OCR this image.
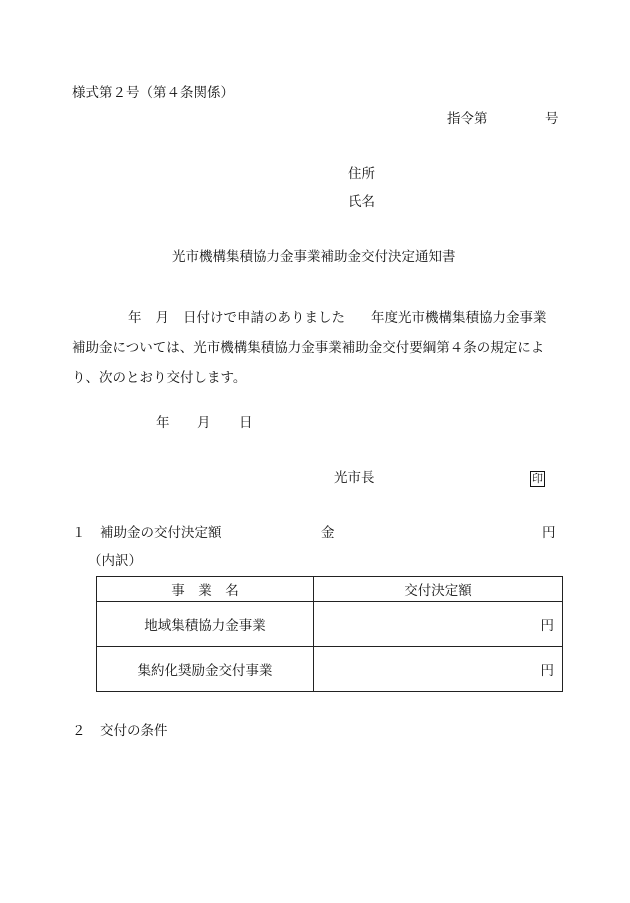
様式第２号（第４条関係）
指令第	号
住所
氏名
光市機構集積協力金事業補助金交付決定通知書

年 月 日付けで申請のありました 年度光市機構集積協力金事業
補助金については、光市機構集積協力金事業補助金交付要綱第４条の規定によ
り、次のとおり交付します。

年 月 日
光市長	印
１ 補助金の交付決定額	金	円
（内訳）
事　業　名	交付決定額
地域集積協力金事業	円
集約化奨励金交付事業	円
２ 交付の条件
